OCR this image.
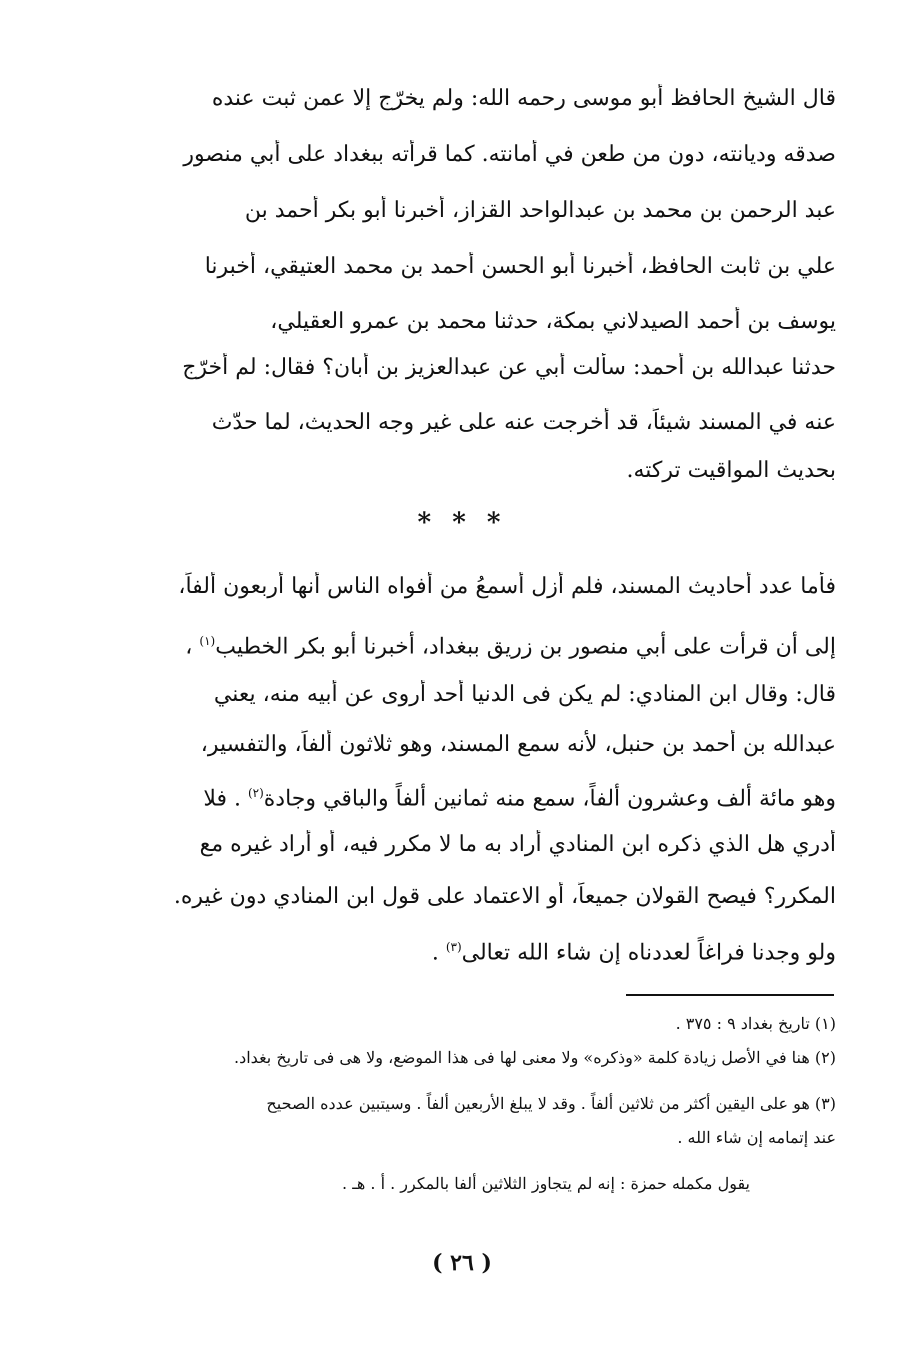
قال الشيخ الحافظ أبو موسى رحمه الله: ولم يخرّج إلا عمن ثبت عنده
صدقه وديانته، دون من طعن في أمانته. كما قرأته ببغداد على أبي منصور
عبد الرحمن بن محمد بن عبدالواحد القزاز، أخبرنا أبو بكر أحمد بن
علي بن ثابت الحافظ، أخبرنا أبو الحسن أحمد بن محمد العتيقي، أخبرنا
يوسف بن أحمد الصيدلاني بمكة، حدثنا محمد بن عمرو العقيلي،
حدثنا عبدالله بن أحمد: سألت أبي عن عبدالعزيز بن أبان؟ فقال: لم أُخرّج
عنه في المسند شيئاً، قد أخرجت عنه على غير وجه الحديث، لما حدّث
بحديث المواقيت تركته.
* * *
فأما عدد أحاديث المسند، فلم أزل أسمعُ من أفواه الناس أنها أربعون ألفاً،
إلى أن قرأت على أبي منصور بن زريق ببغداد، أخبرنا أبو بكر الخطيب$^{(١)}$ ،
قال: وقال ابن المنادي: لم يكن فى الدنيا أحد أروى عن أبيه منه، يعني
عبدالله بن أحمد بن حنبل، لأنه سمع المسند، وهو ثلاثون ألفاً، والتفسير،
وهو مائة ألف وعشرون ألفاً، سمع منه ثمانين ألفاً والباقي وجادة$^{(٢)}$ . فلا
أدري هل الذي ذكره ابن المنادي أراد به ما لا مكرر فيه، أو أراد غيره مع
المكرر؟ فيصح القولان جميعاً، أو الاعتماد على قول ابن المنادي دون غيره.
ولو وجدنا فراغاً لعددناه إن شاء الله تعالى$^{(٣)}$ .
(١) تاريخ بغداد ٩ : ٣٧٥ .
(٢) هنا في الأصل زيادة كلمة «وذكره» ولا معنى لها فى هذا الموضع، ولا هى فى تاريخ بغداد.
(٣) هو على اليقين أكثر من ثلاثين ألفاً . وقد لا يبلغ الأربعين ألفاً . وسيتبين عدده الصحيح
عند إتمامه إن شاء الله .
يقول مكمله حمزة : إنه لم يتجاوز الثلاثين ألفا بالمكرر . أ . هـ .
( ٢٦ )
